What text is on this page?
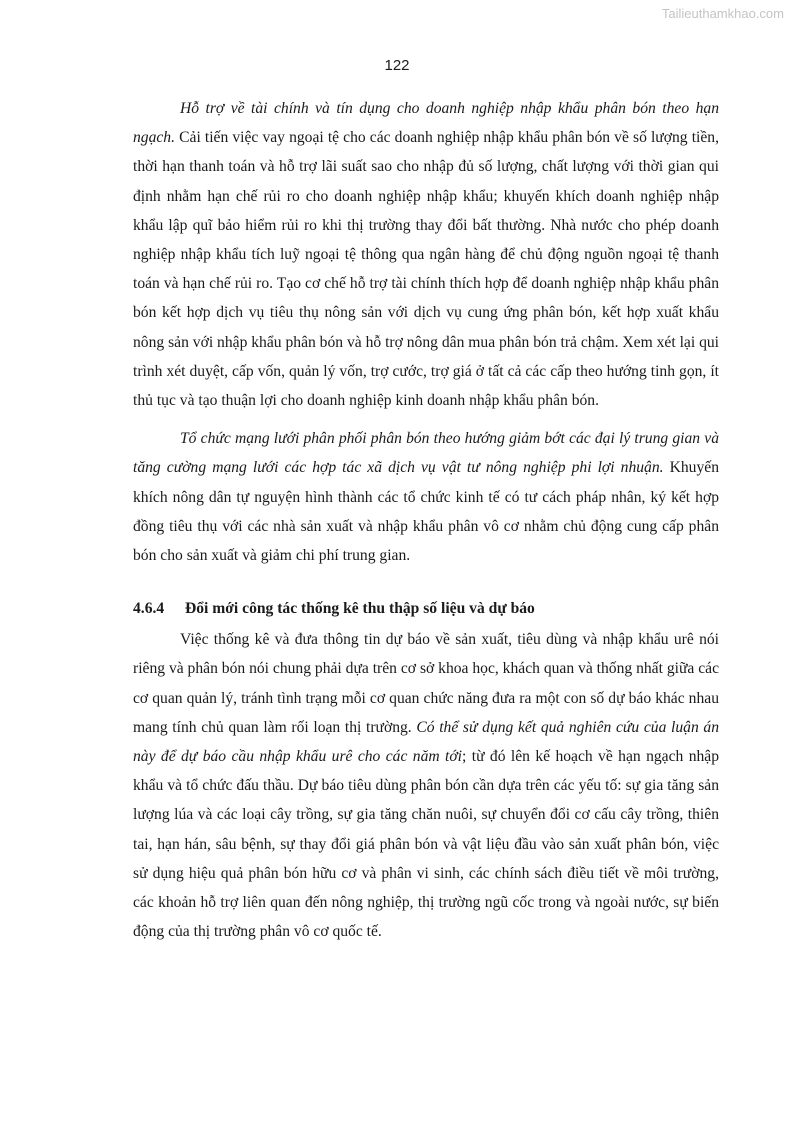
Tailieuthamkhao.com
122

Hỗ trợ về tài chính và tín dụng cho doanh nghiệp nhập khẩu phân bón theo hạn ngạch. Cải tiến việc vay ngoại tệ cho các doanh nghiệp nhập khẩu phân bón về số lượng tiền, thời hạn thanh toán và hỗ trợ lãi suất sao cho nhập đủ số lượng, chất lượng với thời gian qui định nhằm hạn chế rủi ro cho doanh nghiệp nhập khẩu; khuyến khích doanh nghiệp nhập khẩu lập quĩ bảo hiểm rủi ro khi thị trường thay đổi bất thường. Nhà nước cho phép doanh nghiệp nhập khẩu tích luỹ ngoại tệ thông qua ngân hàng để chủ động nguồn ngoại tệ thanh toán và hạn chế rủi ro. Tạo cơ chế hỗ trợ tài chính thích hợp để doanh nghiệp nhập khẩu phân bón kết hợp dịch vụ tiêu thụ nông sản với dịch vụ cung ứng phân bón, kết hợp xuất khẩu nông sản với nhập khẩu phân bón và hỗ trợ nông dân mua phân bón trả chậm. Xem xét lại qui trình xét duyệt, cấp vốn, quản lý vốn, trợ cước, trợ giá ở tất cả các cấp theo hướng tinh gọn, ít thủ tục và tạo thuận lợi cho doanh nghiệp kinh doanh nhập khẩu phân bón.

Tổ chức mạng lưới phân phối phân bón theo hướng giảm bớt các đại lý trung gian và tăng cường mạng lưới các hợp tác xã dịch vụ vật tư nông nghiệp phi lợi nhuận. Khuyến khích nông dân tự nguyện hình thành các tổ chức kinh tế có tư cách pháp nhân, ký kết hợp đồng tiêu thụ với các nhà sản xuất và nhập khẩu phân vô cơ nhằm chủ động cung cấp phân bón cho sản xuất và giảm chi phí trung gian.

4.6.4 Đổi mới công tác thống kê thu thập số liệu và dự báo

Việc thống kê và đưa thông tin dự báo về sản xuất, tiêu dùng và nhập khẩu urê nói riêng và phân bón nói chung phải dựa trên cơ sở khoa học, khách quan và thống nhất giữa các cơ quan quản lý, tránh tình trạng mỗi cơ quan chức năng đưa ra một con số dự báo khác nhau mang tính chủ quan làm rối loạn thị trường. Có thể sử dụng kết quả nghiên cứu của luận án này để dự báo cầu nhập khẩu urê cho các năm tới; từ đó lên kế hoạch về hạn ngạch nhập khẩu và tổ chức đấu thầu. Dự báo tiêu dùng phân bón cần dựa trên các yếu tố: sự gia tăng sản lượng lúa và các loại cây trồng, sự gia tăng chăn nuôi, sự chuyển đổi cơ cấu cây trồng, thiên tai, hạn hán, sâu bệnh, sự thay đổi giá phân bón và vật liệu đầu vào sản xuất phân bón, việc sử dụng hiệu quả phân bón hữu cơ và phân vi sinh, các chính sách điều tiết về môi trường, các khoản hỗ trợ liên quan đến nông nghiệp, thị trường ngũ cốc trong và ngoài nước, sự biến động của thị trường phân vô cơ quốc tế.
